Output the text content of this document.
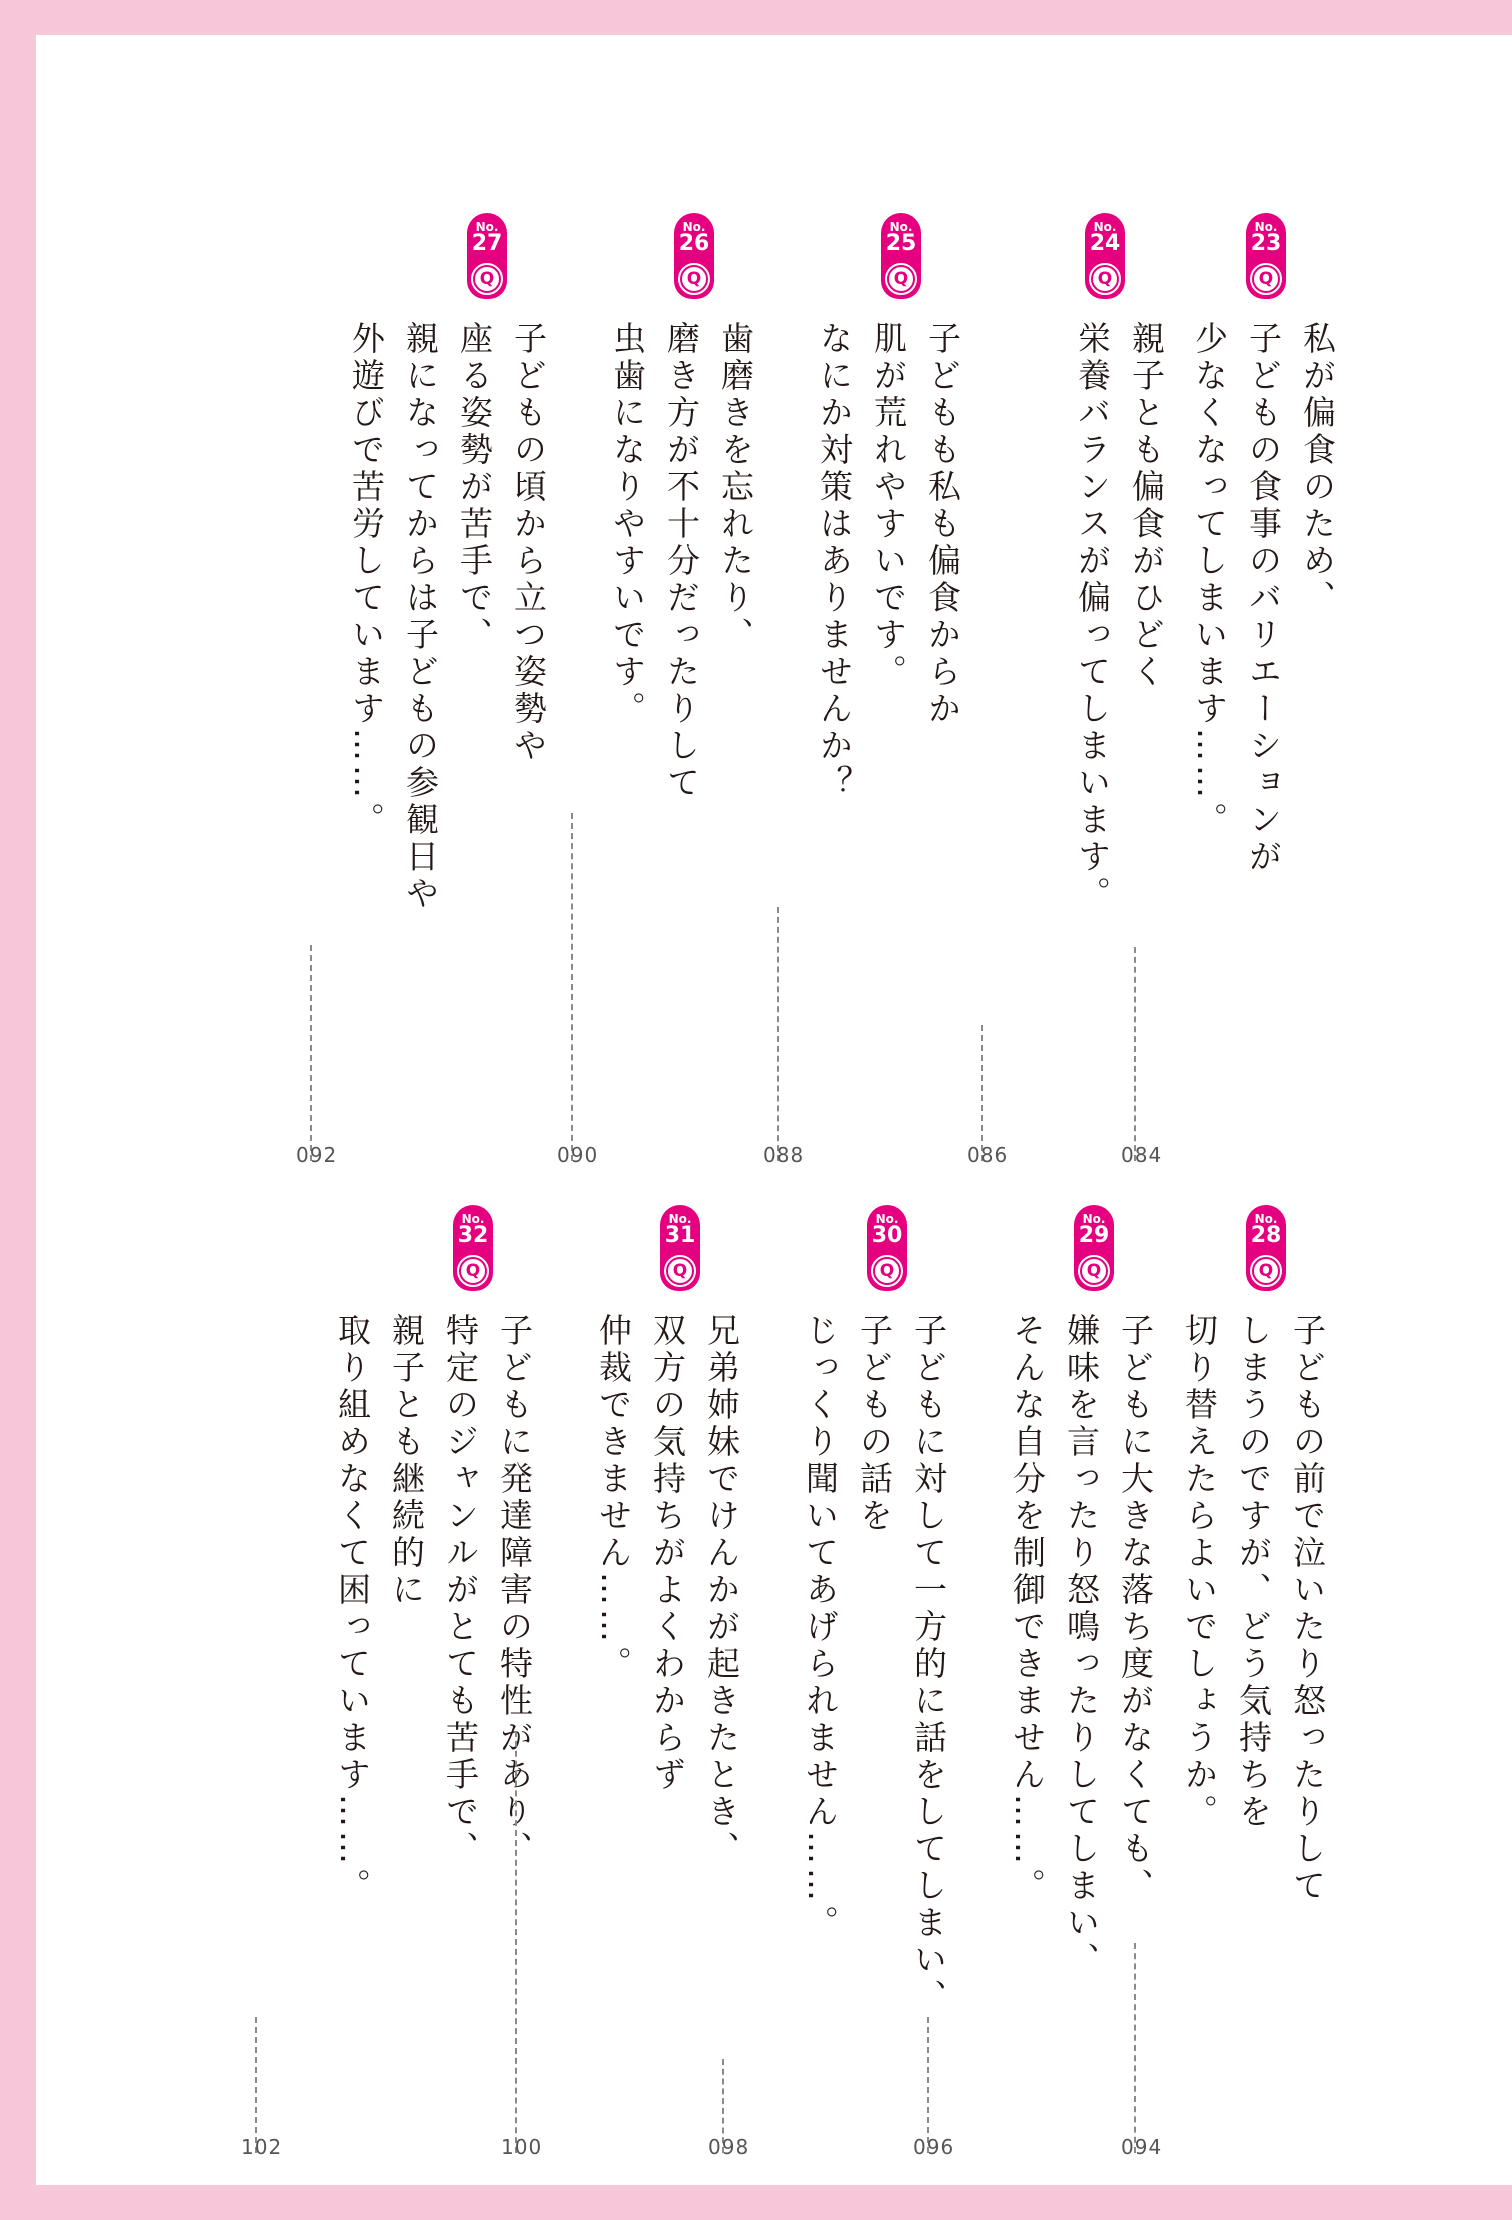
No.
23
Q
私が偏食のため、
子どもの食事のバリエーションが
少なくなってしまいます……。
No.
24
Q
親子とも偏食がひどく
栄養バランスが偏ってしまいます。
No.
25
Q
子どもも私も偏食からか
肌が荒れやすいです。
なにか対策はありませんか？
No.
26
Q
歯磨きを忘れたり、
磨き方が不十分だったりして
虫歯になりやすいです。
No.
27
Q
子どもの頃から立つ姿勢や
座る姿勢が苦手で、
親になってからは子どもの参観日や
外遊びで苦労しています……。
No.
28
Q
子どもの前で泣いたり怒ったりして
しまうのですが、どう気持ちを
切り替えたらよいでしょうか。
No.
29
Q
子どもに大きな落ち度がなくても、
嫌味を言ったり怒鳴ったりしてしまい、
そんな自分を制御できません……。
No.
30
Q
子どもに対して一方的に話をしてしまい、
子どもの話を
じっくり聞いてあげられません……。
No.
31
Q
兄弟姉妹でけんかが起きたとき、
双方の気持ちがよくわからず
仲裁できません……。
No.
32
Q
子どもに発達障害の特性があり、
特定のジャンルがとても苦手で、
親子とも継続的に
取り組めなくて困っています……。
084
086
088
090
092
094
096
098
100
102
